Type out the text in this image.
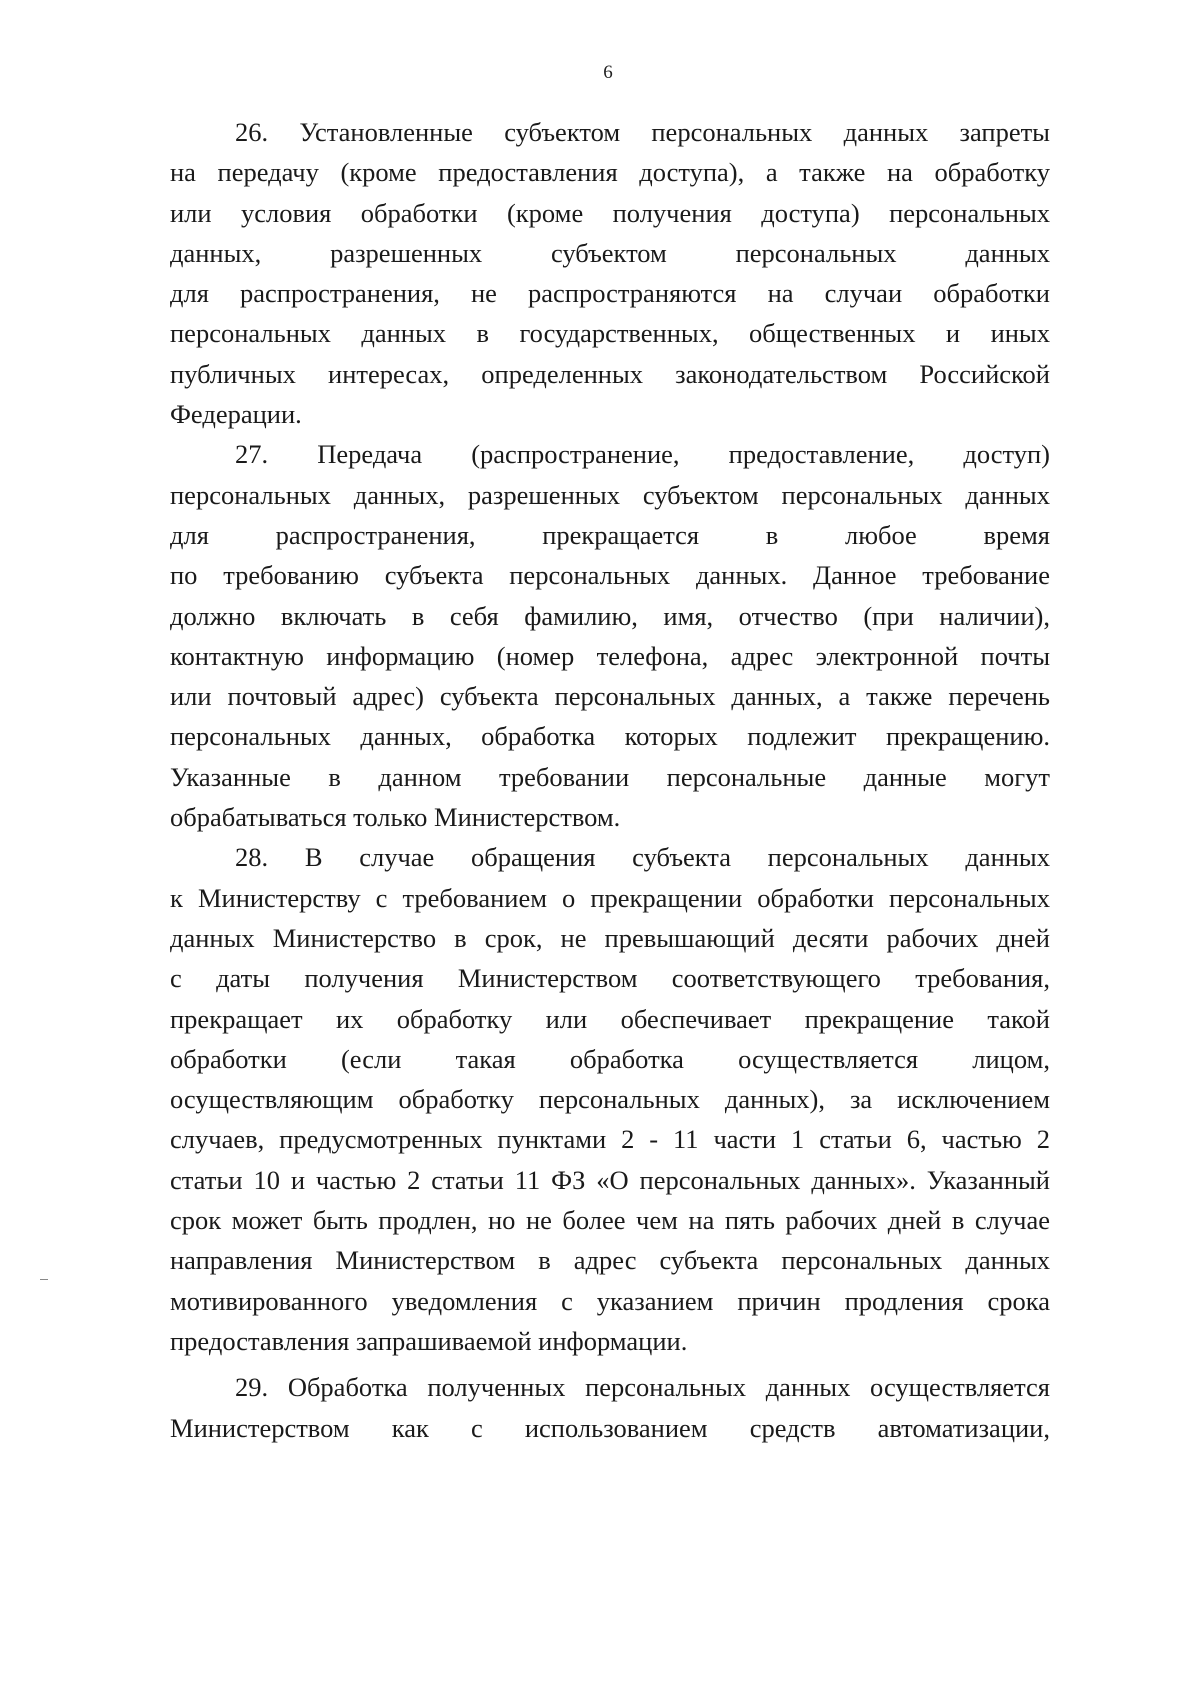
6
26. Установленные субъектом персональных данных запреты
на передачу (кроме предоставления доступа), а также на обработку
или условия обработки (кроме получения доступа) персональных
данных, разрешенных субъектом персональных данных
для распространения, не распространяются на случаи обработки
персональных данных в государственных, общественных и иных
публичных интересах, определенных законодательством Российской
Федерации.
27. Передача (распространение, предоставление, доступ)
персональных данных, разрешенных субъектом персональных данных
для распространения, прекращается в любое время
по требованию субъекта персональных данных. Данное требование
должно включать в себя фамилию, имя, отчество (при наличии),
контактную информацию (номер телефона, адрес электронной почты
или почтовый адрес) субъекта персональных данных, а также перечень
персональных данных, обработка которых подлежит прекращению.
Указанные в данном требовании персональные данные могут
обрабатываться только Министерством.
28. В случае обращения субъекта персональных данных
к Министерству с требованием о прекращении обработки персональных
данных Министерство в срок, не превышающий десяти рабочих дней
с даты получения Министерством соответствующего требования,
прекращает их обработку или обеспечивает прекращение такой
обработки (если такая обработка осуществляется лицом,
осуществляющим обработку персональных данных), за исключением
случаев, предусмотренных пунктами 2 - 11 части 1 статьи 6, частью 2
статьи 10 и частью 2 статьи 11 ФЗ «О персональных данных». Указанный
срок может быть продлен, но не более чем на пять рабочих дней в случае
направления Министерством в адрес субъекта персональных данных
мотивированного уведомления с указанием причин продления срока
предоставления запрашиваемой информации.
29. Обработка полученных персональных данных осуществляется
Министерством как с использованием средств автоматизации,
